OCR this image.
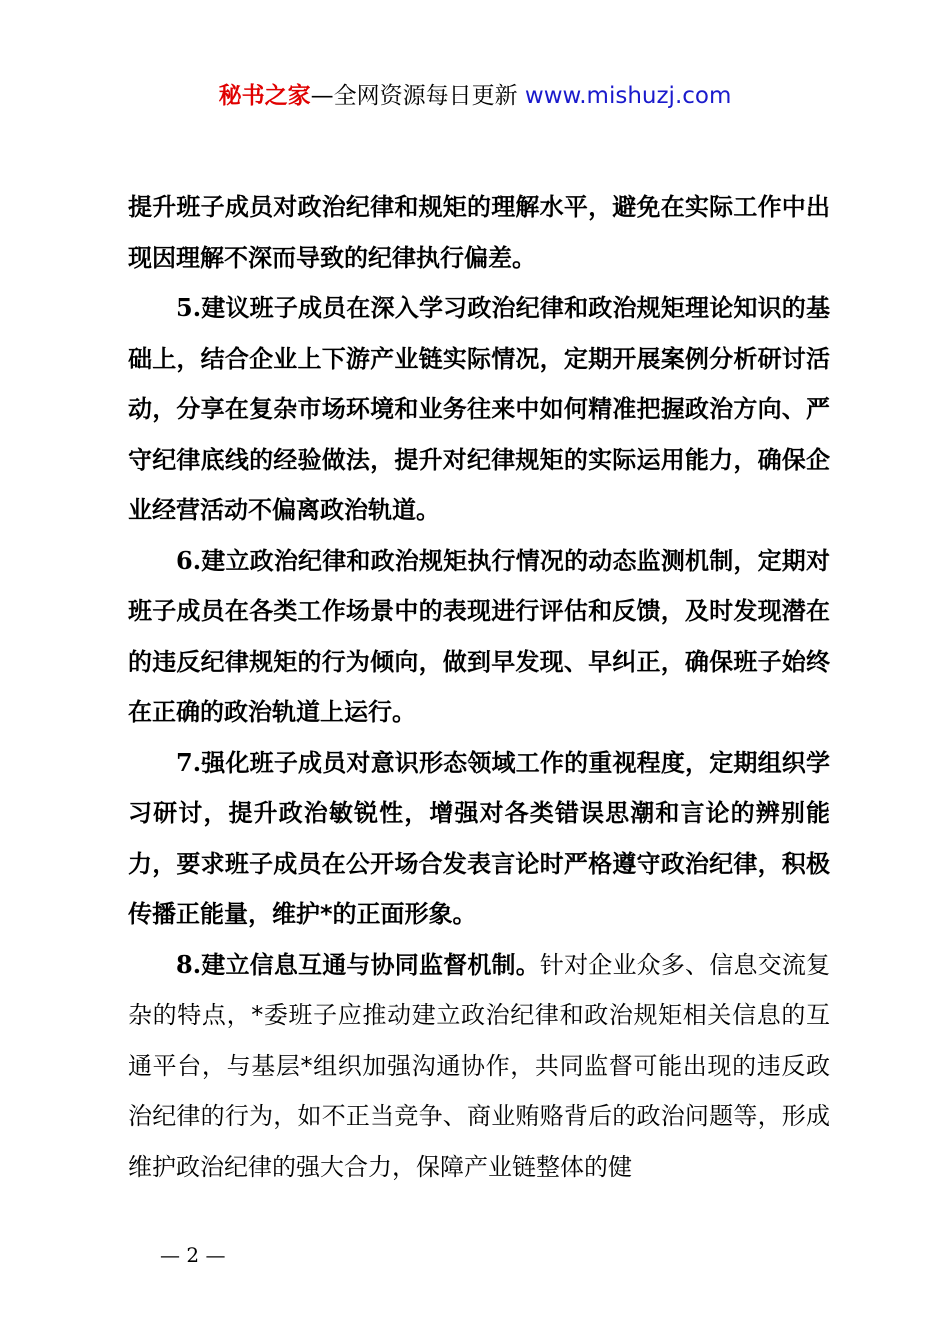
秘书之家—全网资源每日更新 www.mishuzj.com

提升班子成员对政治纪律和规矩的理解水平，避免在实际工作中出现因理解不深而导致的纪律执行偏差。

5.建议班子成员在深入学习政治纪律和政治规矩理论知识的基础上，结合企业上下游产业链实际情况，定期开展案例分析研讨活动，分享在复杂市场环境和业务往来中如何精准把握政治方向、严守纪律底线的经验做法，提升对纪律规矩的实际运用能力，确保企业经营活动不偏离政治轨道。

6.建立政治纪律和政治规矩执行情况的动态监测机制，定期对班子成员在各类工作场景中的表现进行评估和反馈，及时发现潜在的违反纪律规矩的行为倾向，做到早发现、早纠正，确保班子始终在正确的政治轨道上运行。

7.强化班子成员对意识形态领域工作的重视程度，定期组织学习研讨，提升政治敏锐性，增强对各类错误思潮和言论的辨别能力，要求班子成员在公开场合发表言论时严格遵守政治纪律，积极传播正能量，维护*的正面形象。

8.建立信息互通与协同监督机制。针对企业众多、信息交流复杂的特点，*委班子应推动建立政治纪律和政治规矩相关信息的互通平台，与基层*组织加强沟通协作，共同监督可能出现的违反政治纪律的行为，如不正当竞争、商业贿赂背后的政治问题等，形成维护政治纪律的强大合力，保障产业链整体的健

— 2 —
